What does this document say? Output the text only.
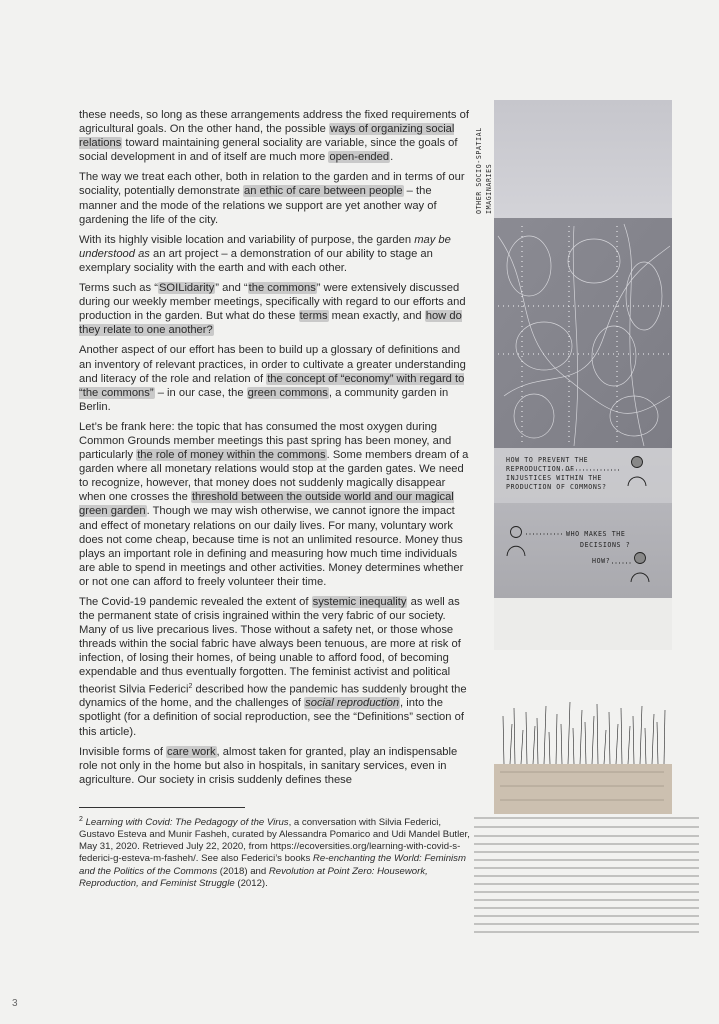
these needs, so long as these arrangements address the fixed requirements of agricultural goals. On the other hand, the possible ways of organizing social relations toward maintaining general sociality are variable, since the goals of social development in and of itself are much more open-ended.

The way we treat each other, both in relation to the garden and in terms of our sociality, potentially demonstrate an ethic of care between people – the manner and the mode of the relations we support are yet another way of gardening the life of the city.

With its highly visible location and variability of purpose, the garden may be understood as an art project – a demonstration of our ability to stage an exemplary sociality with the earth and with each other.

Terms such as “SOILidarity” and “the commons” were extensively discussed during our weekly member meetings, specifically with regard to our efforts and production in the garden. But what do these terms mean exactly, and how do they relate to one another?

Another aspect of our effort has been to build up a glossary of definitions and an inventory of relevant practices, in order to cultivate a greater understanding and literacy of the role and relation of the concept of “economy” with regard to “the commons” – in our case, the green commons, a community garden in Berlin.

Let’s be frank here: the topic that has consumed the most oxygen during Common Grounds member meetings this past spring has been money, and particularly the role of money within the commons. Some members dream of a garden where all monetary relations would stop at the garden gates. We need to recognize, however, that money does not suddenly magically disappear when one crosses the threshold between the outside world and our magical green garden. Though we may wish otherwise, we cannot ignore the impact and effect of monetary relations on our daily lives. For many, voluntary work does not come cheap, because time is not an unlimited resource. Money thus plays an important role in defining and measuring how much time individuals are able to spend in meetings and other activities. Money determines whether or not one can afford to freely volunteer their time.

The Covid-19 pandemic revealed the extent of systemic inequality as well as the permanent state of crisis ingrained within the very fabric of our society. Many of us live precarious lives. Those without a safety net, or those whose threads within the social fabric have always been tenuous, are more at risk of infection, of losing their homes, of being unable to afford food, of becoming expendable and thus eventually forgotten. The feminist activist and political theorist Silvia Federici$^2$ described how the pandemic has suddenly brought the dynamics of the home, and the challenges of social reproduction, into the spotlight (for a definition of social reproduction, see the “Definitions” section of this article).

Invisible forms of care work, almost taken for granted, play an indispensable role not only in the home but also in hospitals, in sanitary services, even in agriculture. Our society in crisis suddenly defines these

$^2$ Learning with Covid: The Pedagogy of the Virus, a conversation with Silvia Federici, Gustavo Esteva and Munir Fasheh, curated by Alessandra Pomarico and Udi Mandel Butler, May 31, 2020. Retrieved July 22, 2020, from https://ecoversities.org/learning-with-covid-s-federici-g-esteva-m-fasheh/. See also Federici’s books Re-enchanting the World: Feminism and the Politics of the Commons (2018) and Revolution at Point Zero: Housework, Reproduction, and Feminist Struggle (2012).

3
OTHER SOCIO-SPATIAL IMAGINARIES
HOW TO PREVENT THE
REPRODUCTION OF
INJUSTICES WITHIN THE
PRODUCTION OF COMMONS?
WHO MAKES THE
DECISIONS ?
HOW?
